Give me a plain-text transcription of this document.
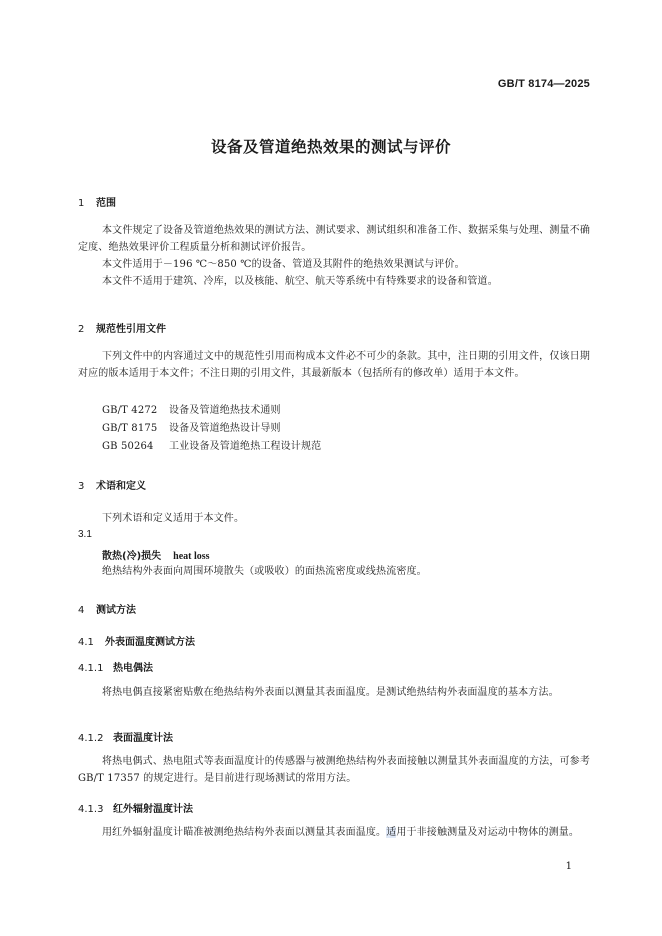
GB/T 8174—2025
设备及管道绝热效果的测试与评价
1 范围
本文件规定了设备及管道绝热效果的测试方法、测试要求、测试组织和准备工作、数据采集与处理、测量不确定度、绝热效果评价工程质量分析和测试评价报告。
本文件适用于－196 ℃～850 ℃的设备、管道及其附件的绝热效果测试与评价。
本文件不适用于建筑、冷库，以及核能、航空、航天等系统中有特殊要求的设备和管道。
2 规范性引用文件
下列文件中的内容通过文中的规范性引用而构成本文件必不可少的条款。其中，注日期的引用文件，仅该日期对应的版本适用于本文件；不注日期的引用文件，其最新版本（包括所有的修改单）适用于本文件。
GB/T 4272 设备及管道绝热技术通则
GB/T 8175 设备及管道绝热设计导则
GB 50264 工业设备及管道绝热工程设计规范
3 术语和定义
下列术语和定义适用于本文件。
3.1
散热(冷)损失 heat loss
绝热结构外表面向周围环境散失（或吸收）的面热流密度或线热流密度。
4 测试方法
4.1 外表面温度测试方法
4.1.1 热电偶法
将热电偶直接紧密贴敷在绝热结构外表面以测量其表面温度。是测试绝热结构外表面温度的基本方法。
4.1.2 表面温度计法
将热电偶式、热电阻式等表面温度计的传感器与被测绝热结构外表面接触以测量其外表面温度的方法，可参考 GB/T 17357 的规定进行。是目前进行现场测试的常用方法。
4.1.3 红外辐射温度计法
用红外辐射温度计瞄准被测绝热结构外表面以测量其表面温度。适用于非接触测量及对运动中物体的测量。
1
